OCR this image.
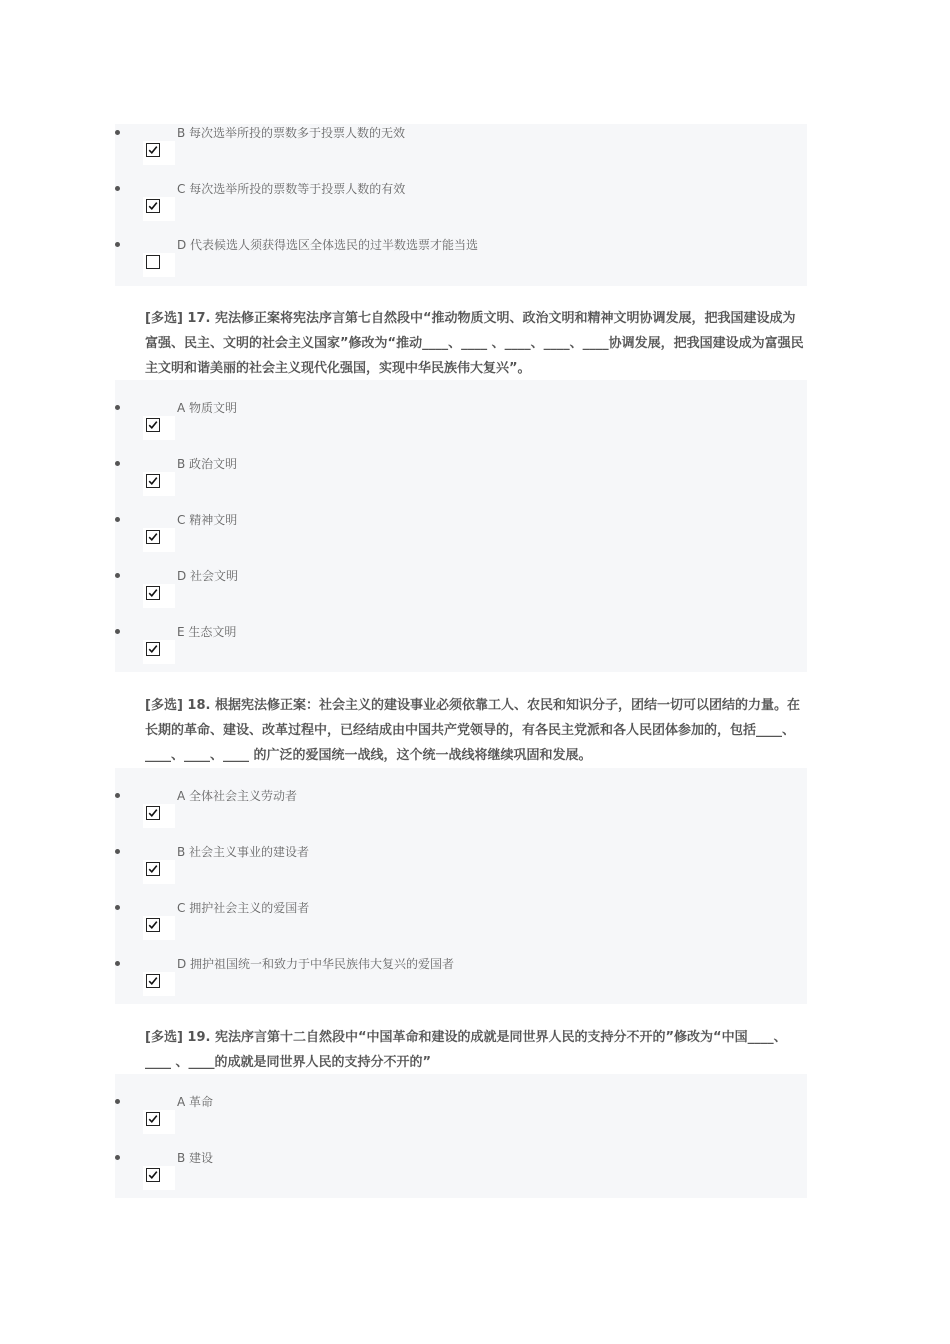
B 每次选举所投的票数多于投票人数的无效
C 每次选举所投的票数等于投票人数的有效
D 代表候选人须获得选区全体选民的过半数选票才能当选
[多选] 17. 宪法修正案将宪法序言第七自然段中“推动物质文明、政治文明和精神文明协调发展，把我国建设成为富强、民主、文明的社会主义国家”修改为“推动____、____ 、____、____、____协调发展，把我国建设成为富强民主文明和谐美丽的社会主义现代化强国，实现中华民族伟大复兴”。
A 物质文明
B 政治文明
C 精神文明
D 社会文明
E 生态文明
[多选] 18. 根据宪法修正案：社会主义的建设事业必须依靠工人、农民和知识分子，团结一切可以团结的力量。在长期的革命、建设、改革过程中，已经结成由中国共产党领导的，有各民主党派和各人民团体参加的，包括____、____、____、____ 的广泛的爱国统一战线，这个统一战线将继续巩固和发展。
A 全体社会主义劳动者
B 社会主义事业的建设者
C 拥护社会主义的爱国者
D 拥护祖国统一和致力于中华民族伟大复兴的爱国者
[多选] 19. 宪法序言第十二自然段中“中国革命和建设的成就是同世界人民的支持分不开的”修改为“中国____、____ 、____的成就是同世界人民的支持分不开的”
A 革命
B 建设
